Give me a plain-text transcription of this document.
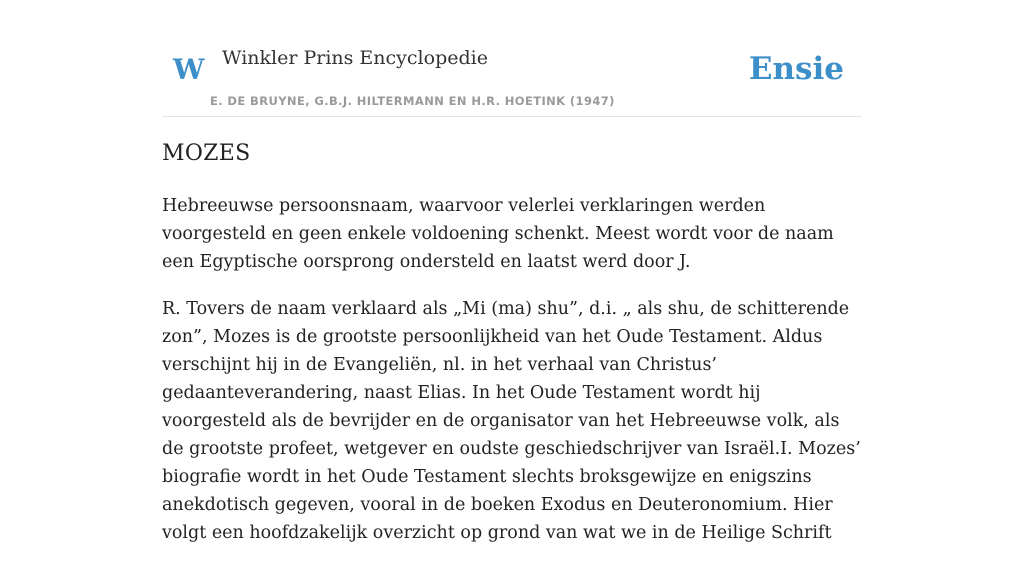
W Winkler Prins Encyclopedie
E. DE BRUYNE, G.B.J. HILTERMANN EN H.R. HOETINK (1947)
Ensie
MOZES

Hebreeuwse persoonsnaam, waarvoor velerlei verklaringen werden voorgesteld en geen enkele voldoening schenkt. Meest wordt voor de naam een Egyptische oorsprong ondersteld en laatst werd door J.

R. Tovers de naam verklaard als „Mi (ma) shu”, d.i. „ als shu, de schitterende zon”, Mozes is de grootste persoonlijkheid van het Oude Testament. Aldus verschijnt hij in de Evangeliën, nl. in het verhaal van Christus’ gedaanteverandering, naast Elias. In het Oude Testament wordt hij voorgesteld als de bevrijder en de organisator van het Hebreeuwse volk, als de grootste profeet, wetgever en oudste geschiedschrijver van Israël.I. Mozes’ biografie wordt in het Oude Testament slechts broksgewijze en enigszins anekdotisch gegeven, vooral in de boeken Exodus en Deuteronomium. Hier volgt een hoofdzakelijk overzicht op grond van wat we in de Heilige Schrift
